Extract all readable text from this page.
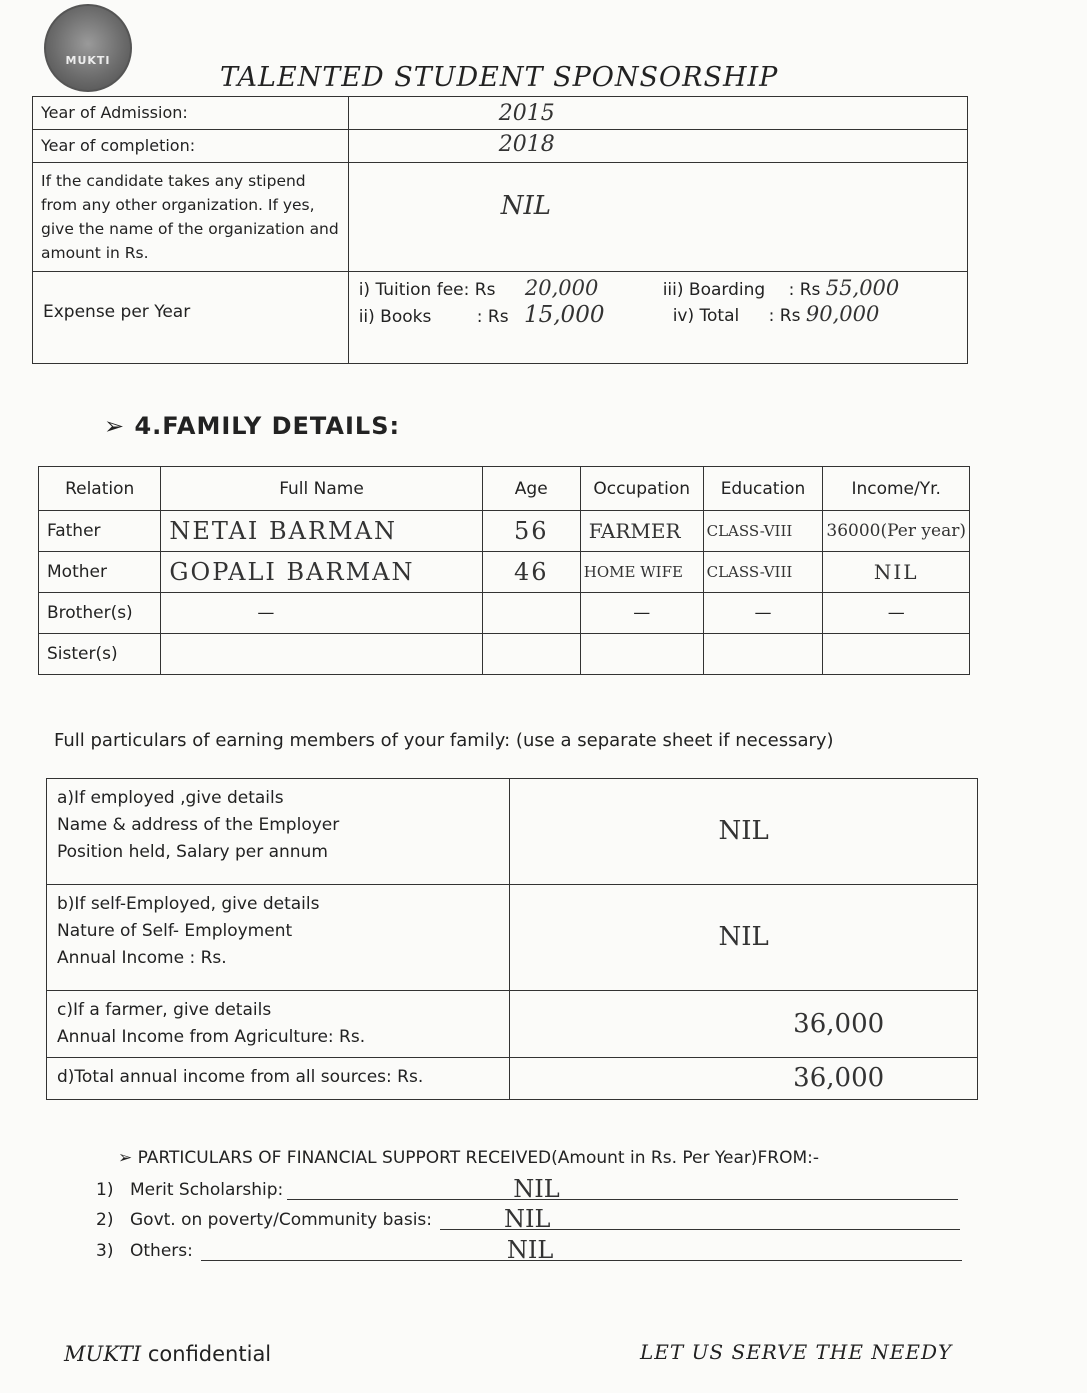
MUKTI
TALENTED STUDENT SPONSORSHIP
Year of Admission:	2015

Year of completion:	2018

If the candidate takes any stipend from any other organization. If yes, give the name of the organization and amount in Rs.	NIL

Expense per Year	i) Tuition fee: Rs 20,000 iii) Boarding : Rs 55,000
ii) Books : Rs 15,000 iv) Total : Rs 90,000
➢ 4.FAMILY DETAILS:
Relation	Full Name	Age	Occupation	Education	Income/Yr.
Father	NETAI BARMAN	56	FARMER	CLASS-VIII	36000(Per year)
Mother	GOPALI BARMAN	46	HOME WIFE	CLASS-VIII	NIL
Brother(s)	—		—	—	—
Sister(s)					
Full particulars of earning members of your family: (use a separate sheet if necessary)
a)If employed ,give details
Name & address of the Employer
Position held, Salary per annum	NIL

b)If self-Employed, give details
Nature of Self- Employment
Annual Income : Rs.	NIL

c)If a farmer, give details
Annual Income from Agriculture: Rs.	36,000
d)Total annual income from all sources: Rs.	36,000
➢ PARTICULARS OF FINANCIAL SUPPORT RECEIVED(Amount in Rs. Per Year)FROM:-
1) Merit Scholarship:	NIL
2) Govt. on poverty/Community basis:	NIL
3) Others:	NIL
MUKTI confidential	LET US SERVE THE NEEDY
